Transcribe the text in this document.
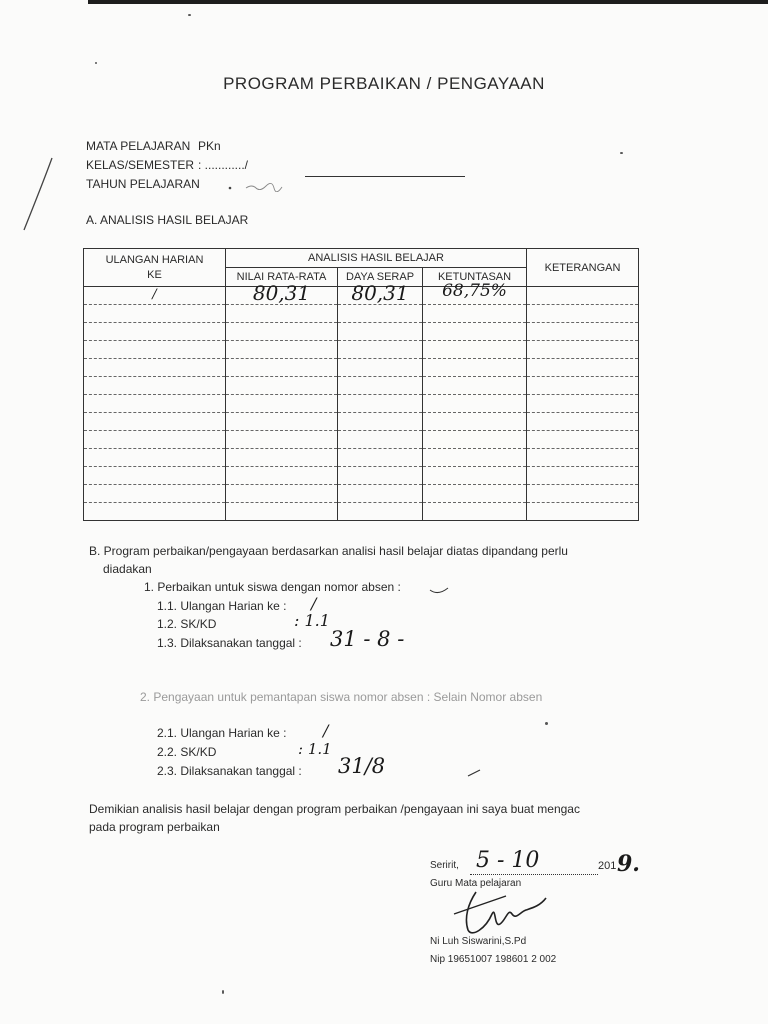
PROGRAM PERBAIKAN / PENGAYAAN
MATA PELAJARAN PKn
KELAS/SEMESTER : ............/
TAHUN PELAJARAN
A. ANALISIS HASIL BELAJAR
ULANGAN HARIAN KE	ANALISIS HASIL BELAJAR			KETERANGAN
	NILAI RATA-RATA	DAYA SERAP	KETUNTASAN	

/	80,31	80,31	68,75%	

B. Program perbaikan/pengayaan berdasarkan analisi hasil belajar diatas dipandang perlu
diadakan
1. Perbaikan untuk siswa dengan nomor absen :
1.1. Ulangan Harian ke : /
1.2. SK/KD	: 1.1
1.3. Dilaksanakan tanggal : 31 - 8 -
2. Pengayaan untuk pemantapan siswa nomor absen : Selain Nomor absen
2.1. Ulangan Harian ke : /
2.2. SK/KD	: 1.1
2.3. Dilaksanakan tanggal : 31/8
Demikian analisis hasil belajar dengan program perbaikan /pengayaan ini saya buat mengac
pada program perbaikan
Seririt, 5 - 10	201 9.
Guru Mata pelajaran
Ni Luh Siswarini,S.Pd
Nip 19651007 198601 2 002
